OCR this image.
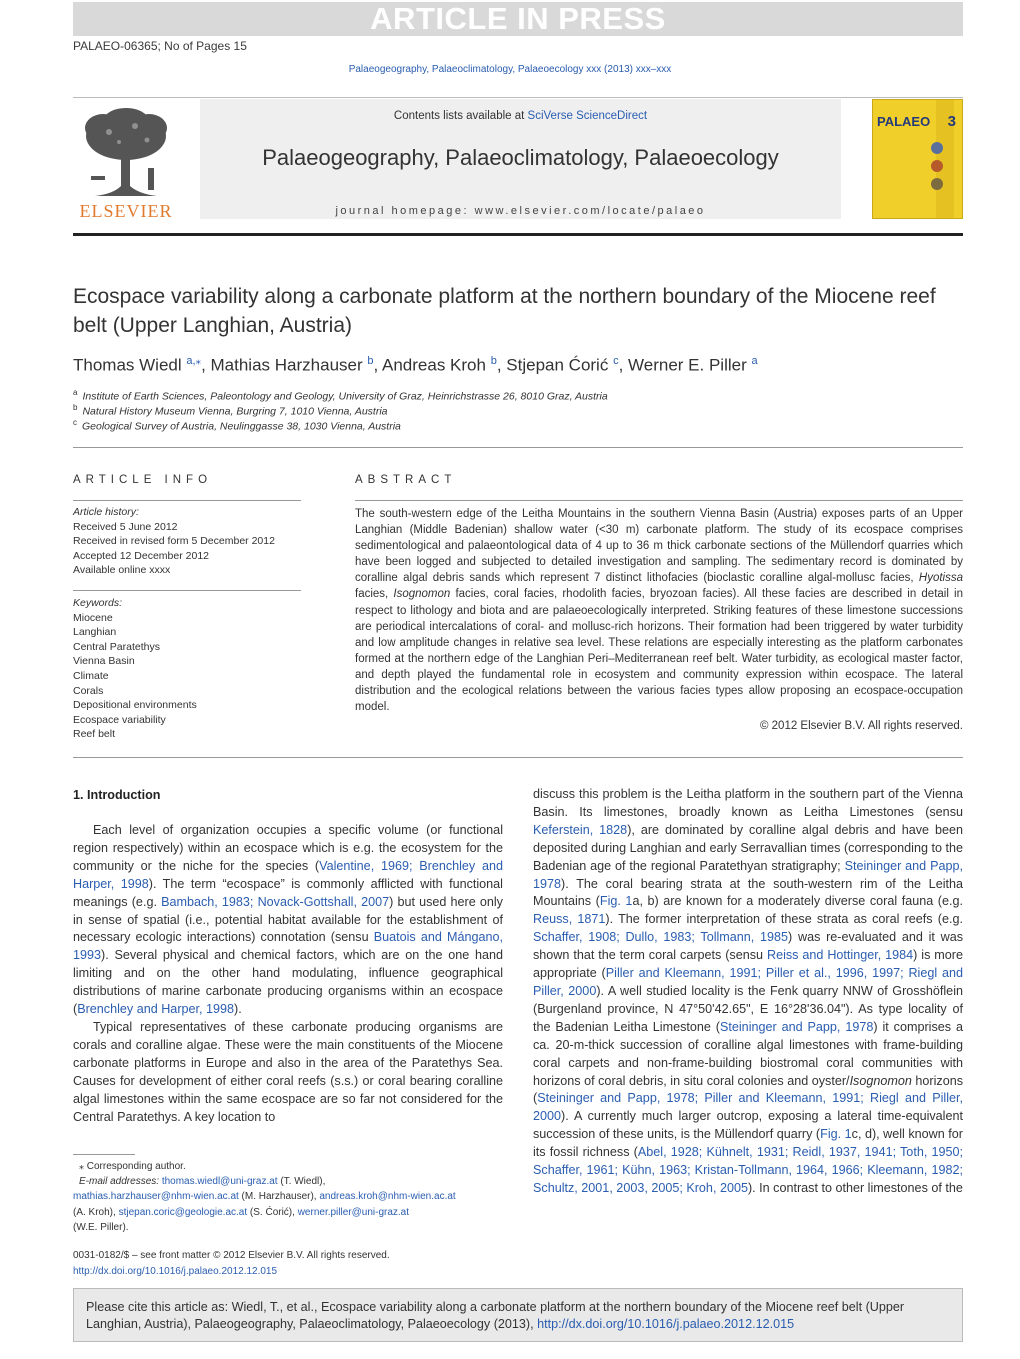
ARTICLE IN PRESS
PALAEO-06365; No of Pages 15
Palaeogeography, Palaeoclimatology, Palaeoecology xxx (2013) xxx–xxx
ELSEVIER
Contents lists available at SciVerse ScienceDirect
Palaeogeography, Palaeoclimatology, Palaeoecology
journal homepage: www.elsevier.com/locate/palaeo
PALAEO 3
Ecospace variability along a carbonate platform at the northern boundary of the Miocene reef belt (Upper Langhian, Austria)
Thomas Wiedl $^{a,⁎}$, Mathias Harzhauser $^b$, Andreas Kroh $^b$, Stjepan Ćorić $^c$, Werner E. Piller $^a$
$^a$ Institute of Earth Sciences, Paleontology and Geology, University of Graz, Heinrichstrasse 26, 8010 Graz, Austria
$^b$ Natural History Museum Vienna, Burgring 7, 1010 Vienna, Austria
$^c$ Geological Survey of Austria, Neulinggasse 38, 1030 Vienna, Austria
ARTICLE INFO	ABSTRACT
Article history:
Received 5 June 2012
Received in revised form 5 December 2012
Accepted 12 December 2012
Available online xxxx
Keywords:
Miocene
Langhian
Central Paratethys
Vienna Basin
Climate
Corals
Depositional environments
Ecospace variability
Reef belt
The south-western edge of the Leitha Mountains in the southern Vienna Basin (Austria) exposes parts of an Upper Langhian (Middle Badenian) shallow water (<30 m) carbonate platform. The study of its ecospace comprises sedimentological and palaeontological data of 4 up to 36 m thick carbonate sections of the Müllendorf quarries which have been logged and subjected to detailed investigation and sampling. The sedimentary record is dominated by coralline algal debris sands which represent 7 distinct lithofacies (bioclastic coralline algal-mollusc facies, Hyotissa facies, Isognomon facies, coral facies, rhodolith facies, bryozoan facies). All these facies are described in detail in respect to lithology and biota and are palaeoecologically interpreted. Striking features of these limestone successions are periodical intercalations of coral- and mollusc-rich horizons. Their formation had been triggered by water turbidity and low amplitude changes in relative sea level. These relations are especially interesting as the platform carbonates formed at the northern edge of the Langhian Peri–Mediterranean reef belt. Water turbidity, as ecological master factor, and depth played the fundamental role in ecosystem and community expression within ecospace. The lateral distribution and the ecological relations between the various facies types allow proposing an ecospace-occupation model.
© 2012 Elsevier B.V. All rights reserved.
1. Introduction

Each level of organization occupies a specific volume (or functional region respectively) within an ecospace which is e.g. the ecosystem for the community or the niche for the species (Valentine, 1969; Brenchley and Harper, 1998). The term “ecospace” is commonly afflicted with functional meanings (e.g. Bambach, 1983; Novack-Gottshall, 2007) but used here only in sense of spatial (i.e., potential habitat available for the establishment of necessary ecologic interactions) connotation (sensu Buatois and Mángano, 1993). Several physical and chemical factors, which are on the one hand limiting and on the other hand modulating, influence geographical distributions of marine carbonate producing organisms within an ecospace (Brenchley and Harper, 1998).

Typical representatives of these carbonate producing organisms are corals and coralline algae. These were the main constituents of the Miocene carbonate platforms in Europe and also in the area of the Paratethys Sea. Causes for development of either coral reefs (s.s.) or coral bearing coralline algal limestones within the same ecospace are so far not considered for the Central Paratethys. A key location to

discuss this problem is the Leitha platform in the southern part of the Vienna Basin. Its limestones, broadly known as Leitha Limestones (sensu Keferstein, 1828), are dominated by coralline algal debris and have been deposited during Langhian and early Serravallian times (corresponding to the Badenian age of the regional Paratethyan stratigraphy; Steininger and Papp, 1978). The coral bearing strata at the south-western rim of the Leitha Mountains (Fig. 1a, b) are known for a moderately diverse coral fauna (e.g. Reuss, 1871). The former interpretation of these strata as coral reefs (e.g. Schaffer, 1908; Dullo, 1983; Tollmann, 1985) was re-evaluated and it was shown that the term coral carpets (sensu Reiss and Hottinger, 1984) is more appropriate (Piller and Kleemann, 1991; Piller et al., 1996, 1997; Riegl and Piller, 2000). A well studied locality is the Fenk quarry NNW of Grosshöflein (Burgenland province, N 47°50'42.65", E 16°28'36.04"). As type locality of the Badenian Leitha Limestone (Steininger and Papp, 1978) it comprises a ca. 20-m-thick succession of coralline algal limestones with frame-building coral carpets and non-frame-building biostromal coral communities with horizons of coral debris, in situ coral colonies and oyster/Isognomon horizons (Steininger and Papp, 1978; Piller and Kleemann, 1991; Riegl and Piller, 2000). A currently much larger outcrop, exposing a lateral time-equivalent succession of these units, is the Müllendorf quarry (Fig. 1c, d), well known for its fossil richness (Abel, 1928; Kühnelt, 1931; Reidl, 1937, 1941; Toth, 1950; Schaffer, 1961; Kühn, 1963; Kristan-Tollmann, 1964, 1966; Kleemann, 1982; Schultz, 2001, 2003, 2005; Kroh, 2005). In contrast to other limestones of the

⁎ Corresponding author.
E-mail addresses: thomas.wiedl@uni-graz.at (T. Wiedl),
mathias.harzhauser@nhm-wien.ac.at (M. Harzhauser), andreas.kroh@nhm-wien.ac.at
(A. Kroh), stjepan.coric@geologie.ac.at (S. Ćorić), werner.piller@uni-graz.at
(W.E. Piller).
0031-0182/$ – see front matter © 2012 Elsevier B.V. All rights reserved.
http://dx.doi.org/10.1016/j.palaeo.2012.12.015
Please cite this article as: Wiedl, T., et al., Ecospace variability along a carbonate platform at the northern boundary of the Miocene reef belt (Upper Langhian, Austria), Palaeogeography, Palaeoclimatology, Palaeoecology (2013), http://dx.doi.org/10.1016/j.palaeo.2012.12.015
